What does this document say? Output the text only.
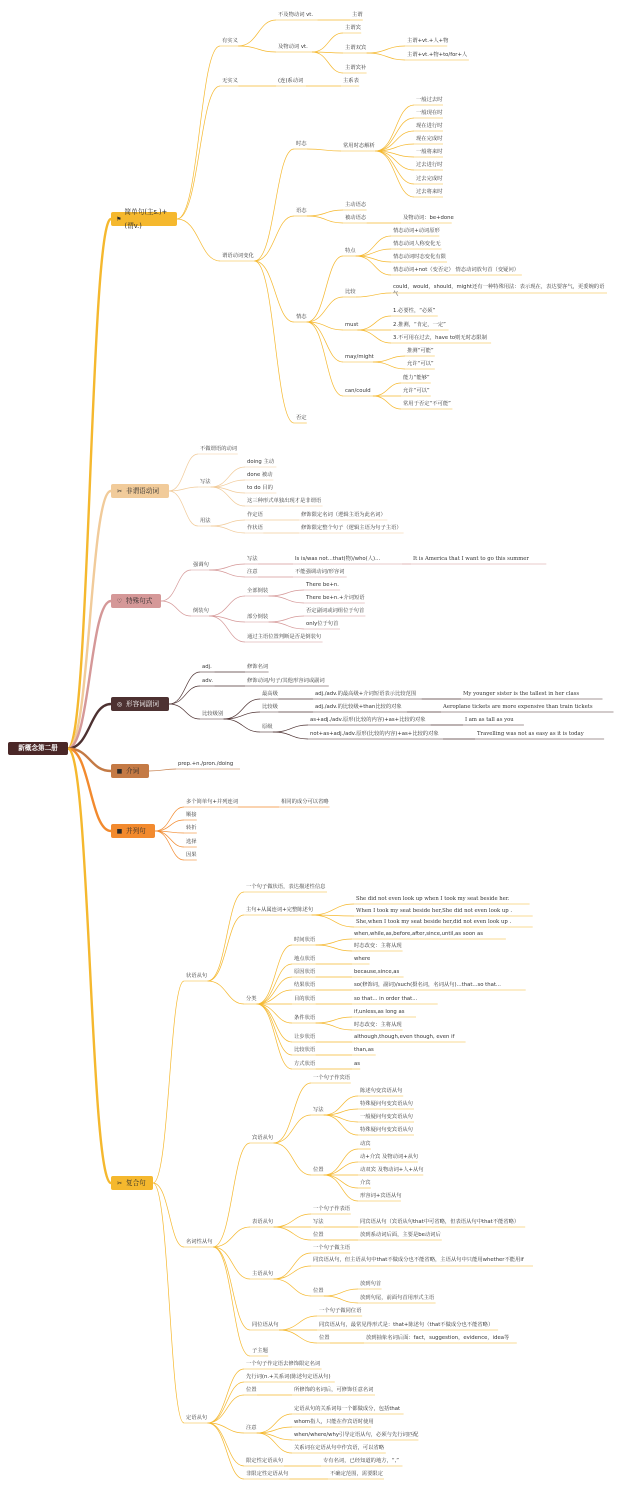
新概念第二册
⚑
简单句(主s.)+(谓v.)
✂ 非谓语动词
♡ 特殊句式
◎ 形容词副词
■ 介词
■ 并列句
✂ 复合句
有实义
不及物动词 vt.	主谓
及物动词 vt.
主谓宾
主谓双宾
主谓+vt.+人+物
主谓+vt.+物+to/for+人
主谓宾补
无实义	(连)系动词	主系表
谓语动词变化
时态	常用时态解析
一般过去时
一般现在时
现在进行时
现在完成时
一般将来时
过去进行时
过去完成时
过去将来时
语态
主动语态
被动语态	及物动词：be+done
情态
特点
情态动词+动词原形
情态动词人称变化无
情态动词时态变化有限
情态动词+not（变否定） 情态动词放句首（变疑问）
比较
could，would，should，might还有一种特殊用法：表示现在，表达要客气，更委婉的语气
must
1.必要性，“必须”
2.推测，“肯定，一定”
3.不可用在过去，have to则无时态限制
may/might
推测“可能”
允许“可以”
can/could
能力“能够”
允许“可以”
常用于否定“不可能”
否定
不做谓语的动词
写法
doing 主动
done 被动
to do 目的
这三种形式单独出现才是非谓语
用法
作定语	修饰限定名词（逻辑主语为此名词）
作状语	修饰限定整个句子（逻辑主语为句子主语）
强调句
写法	Is is/was not...that(物)/who(人)...	It is America that I want to go this summer
注意	不能强调动词/形容词
倒装句
全部倒装
There be+n.
There be+n.+介词短语
部分倒装
否定副词或词组位于句首
only位于句首
通过主语位置判断是否是倒装句
adj.	修饰名词
adv.	修饰动词/句子/其他形容词或副词
比较级别
最高级	adj./adv.的最高级+介词短语表示比较范围	My younger sister is the tallest in her class
比较级	adj./adv.的比较级+than比较的对象	Aeroplane tickets are more expensive than train tickets
原级
as+adj./adv.原形(比较的内容)+as+比较的对象	I am as tall as you
not+as+adj./adv.原形(比较的内容)+as+比较的对象	Travelling was not as easy as it is today
prep.+n./pron./doing
多个简单句+并列连词	相同的成分可以省略
顺接
转折
选择
因果
状语从句
一个句子做状语，表达描述性信息
主句+从属连词+完整陈述句
She did not even look up when I took my seat beside her.
When I took my seat beside her,She did not even look up .
She,when I took my seat beside her,did not even look up .
分类
时间状语
when,while,as,before,after,since,until,as soon as
时态改变：主将从现
地点状语	where
原因状语	because,since,as
结果状语	so(修饰词，副词)/such(摄名词，名词从句)...that...so that...
目的状语	so that... in order that...
条件状语
if,unless,as long as
时态改变：主将从现
让步状语	although,though,even though, even if
比较状语	than,as
方式状语	as
名词性从句
宾语从句
一个句子作宾语
写法
陈述句变宾语从句
特殊疑问句变宾语从句
一般疑问句变宾语从句
特殊疑问句变宾语从句
位置
动宾
动+介宾 及物动词+从句
动双宾 及物动词+人+从句
介宾
形容词+宾语从句
表语从句
一个句子作表语
写法	同宾语从句（宾语从句that中可省略，但表语从句中that不能省略）
位置	放到系动词后面，主要是be动词后
主语从句
一个句子做主语
同宾语从句，但主语从句中that不做成分也不能省略，主语从句中只能用whether不能用if
位置
放到句首
放到句尾，前面句首用形式主语
同位语从句
一个句子做同位语
同宾语从句，最常见得形式是：that+陈述句（that不做成分也不能省略）
位置	放到抽象名词后面：fact，suggestion，evidence，idea等
子主题
定语从句
一个句子作定语去修饰限定名词
先行词(n.+关系词(陈述句定语从句)
位置	所修饰的名词后，可修饰任意名词
注意
定语从句的关系词每一个都做成分，包括that
whom指人，只能在作宾语时使用
when/where/why引导定语从句，必须与先行词匹配
关系词在定语从句中作宾语，可以省略
限定性定语从句	专有名词，已经知道的地方，“,”
非限定性定语从句	不确定范围，需要限定
